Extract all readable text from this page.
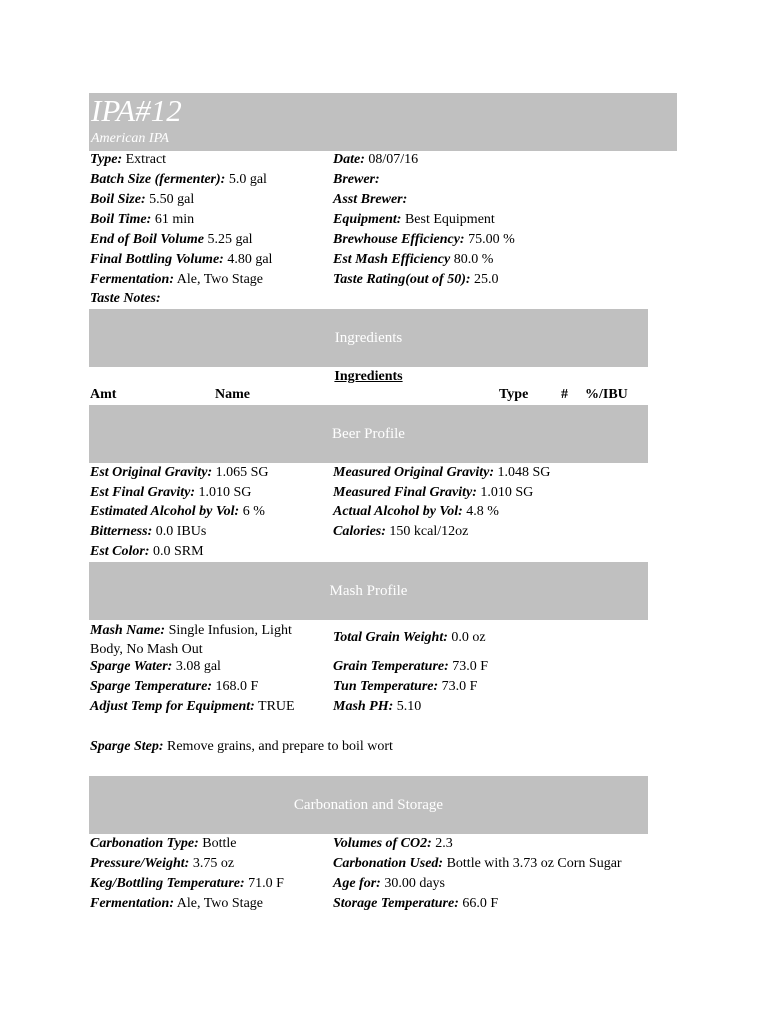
IPA#12
American IPA
Type: Extract
Batch Size (fermenter): 5.0 gal
Boil Size: 5.50 gal
Boil Time: 61 min
End of Boil Volume 5.25 gal
Final Bottling Volume: 4.80 gal
Fermentation: Ale, Two Stage
Taste Notes:
Date: 08/07/16
Brewer:
Asst Brewer:
Equipment: Best Equipment
Brewhouse Efficiency: 75.00 %
Est Mash Efficiency 80.0 %
Taste Rating(out of 50): 25.0
Ingredients
Ingredients
Amt	Name	Type # %/IBU
Beer Profile
Est Original Gravity: 1.065 SG
Est Final Gravity: 1.010 SG
Estimated Alcohol by Vol: 6 %
Bitterness: 0.0 IBUs
Est Color: 0.0 SRM
Measured Original Gravity: 1.048 SG
Measured Final Gravity: 1.010 SG
Actual Alcohol by Vol: 4.8 %
Calories: 150 kcal/12oz
Mash Profile
Mash Name: Single Infusion, Light Body, No Mash Out
Total Grain Weight: 0.0 oz
Sparge Water: 3.08 gal
Sparge Temperature: 168.0 F
Adjust Temp for Equipment: TRUE
Grain Temperature: 73.0 F
Tun Temperature: 73.0 F
Mash PH: 5.10
Sparge Step: Remove grains, and prepare to boil wort
Carbonation and Storage
Carbonation Type: Bottle
Pressure/Weight: 3.75 oz
Keg/Bottling Temperature: 71.0 F
Fermentation: Ale, Two Stage
Volumes of CO2: 2.3
Carbonation Used: Bottle with 3.73 oz Corn Sugar
Age for: 30.00 days
Storage Temperature: 66.0 F
